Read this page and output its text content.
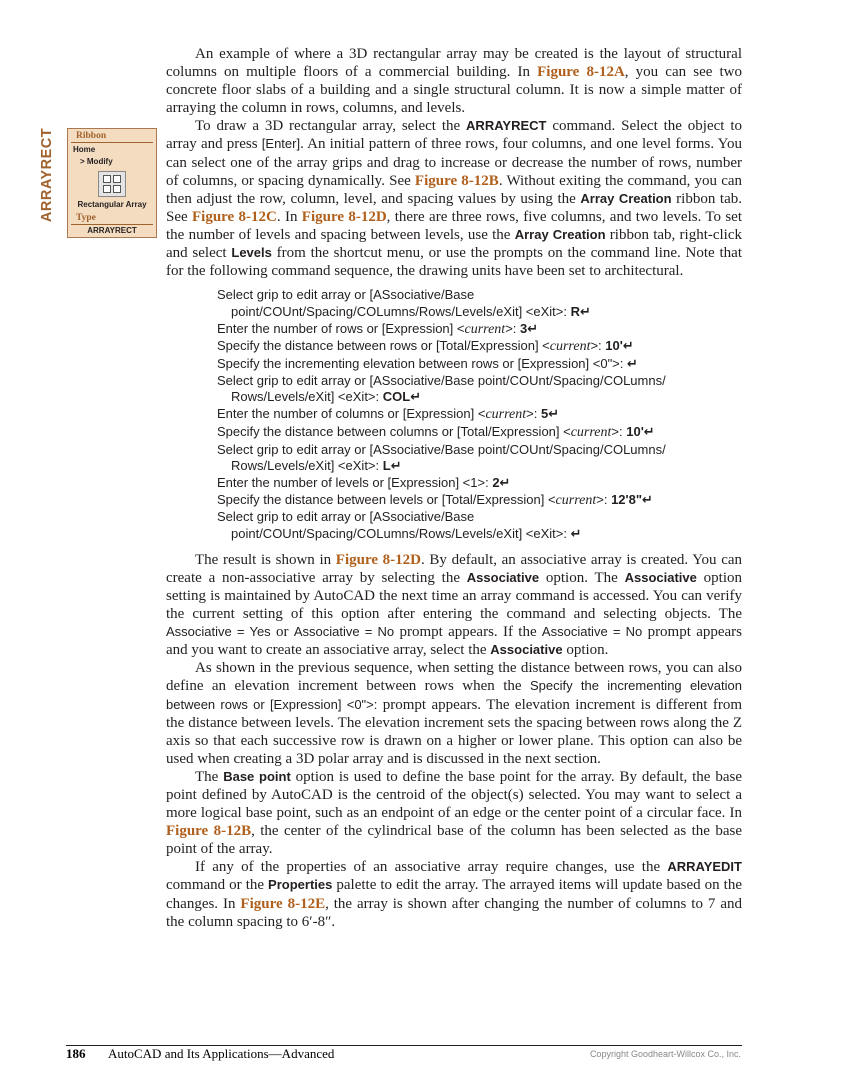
ARRAYRECT	Ribbon
Home
> Modify
Rectangular Array
Type
ARRAYRECT

An example of where a 3D rectangular array may be created is the layout of structural columns on multiple floors of a commercial building. In Figure 8-12A, you can see two concrete floor slabs of a building and a single structural column. It is now a simple matter of arraying the column in rows, columns, and levels.

To draw a 3D rectangular array, select the ARRAYRECT command. Select the object to array and press [Enter]. An initial pattern of three rows, four columns, and one level forms. You can select one of the array grips and drag to increase or decrease the number of rows, number of columns, or spacing dynamically. See Figure 8-12B. Without exiting the command, you can then adjust the row, column, level, and spacing values by using the Array Creation ribbon tab. See Figure 8-12C. In Figure 8-12D, there are three rows, five columns, and two levels. To set the number of levels and spacing between levels, use the Array Creation ribbon tab, right-click and select Levels from the shortcut menu, or use the prompts on the command line. Note that for the following command sequence, the drawing units have been set to architectural.

Select grip to edit array or [ASsociative/Base point/COUnt/Spacing/COLumns/Rows/Levels/eXit] <eXit>: R↵
Enter the number of rows or [Expression] <current>: 3↵
Specify the distance between rows or [Total/Expression] <current>: 10'↵
Specify the incrementing elevation between rows or [Expression] <0">: ↵
Select grip to edit array or [ASsociative/Base point/COUnt/Spacing/COLumns/ Rows/Levels/eXit] <eXit>: COL↵
Enter the number of columns or [Expression] <current>: 5↵
Specify the distance between columns or [Total/Expression] <current>: 10'↵
Select grip to edit array or [ASsociative/Base point/COUnt/Spacing/COLumns/ Rows/Levels/eXit] <eXit>: L↵
Enter the number of levels or [Expression] <1>: 2↵
Specify the distance between levels or [Total/Expression] <current>: 12'8"↵
Select grip to edit array or [ASsociative/Base point/COUnt/Spacing/COLumns/Rows/Levels/eXit] <eXit>: ↵

The result is shown in Figure 8-12D. By default, an associative array is created. You can create a non-associative array by selecting the Associative option. The Associative option setting is maintained by AutoCAD the next time an array command is accessed. You can verify the current setting of this option after entering the command and selecting objects. The Associative = Yes or Associative = No prompt appears. If the Associative = No prompt appears and you want to create an associative array, select the Associative option.

As shown in the previous sequence, when setting the distance between rows, you can also define an elevation increment between rows when the Specify the incrementing elevation between rows or [Expression] <0">: prompt appears. The elevation increment is different from the distance between levels. The elevation increment sets the spacing between rows along the Z axis so that each successive row is drawn on a higher or lower plane. This option can also be used when creating a 3D polar array and is discussed in the next section.

The Base point option is used to define the base point for the array. By default, the base point defined by AutoCAD is the centroid of the object(s) selected. You may want to select a more logical base point, such as an endpoint of an edge or the center point of a circular face. In Figure 8-12B, the center of the cylindrical base of the column has been selected as the base point of the array.

If any of the properties of an associative array require changes, use the ARRAYEDIT command or the Properties palette to edit the array. The arrayed items will update based on the changes. In Figure 8-12E, the array is shown after changing the number of columns to 7 and the column spacing to 6′-8″.

186 AutoCAD and Its Applications—Advanced	Copyright Goodheart-Willcox Co., Inc.
